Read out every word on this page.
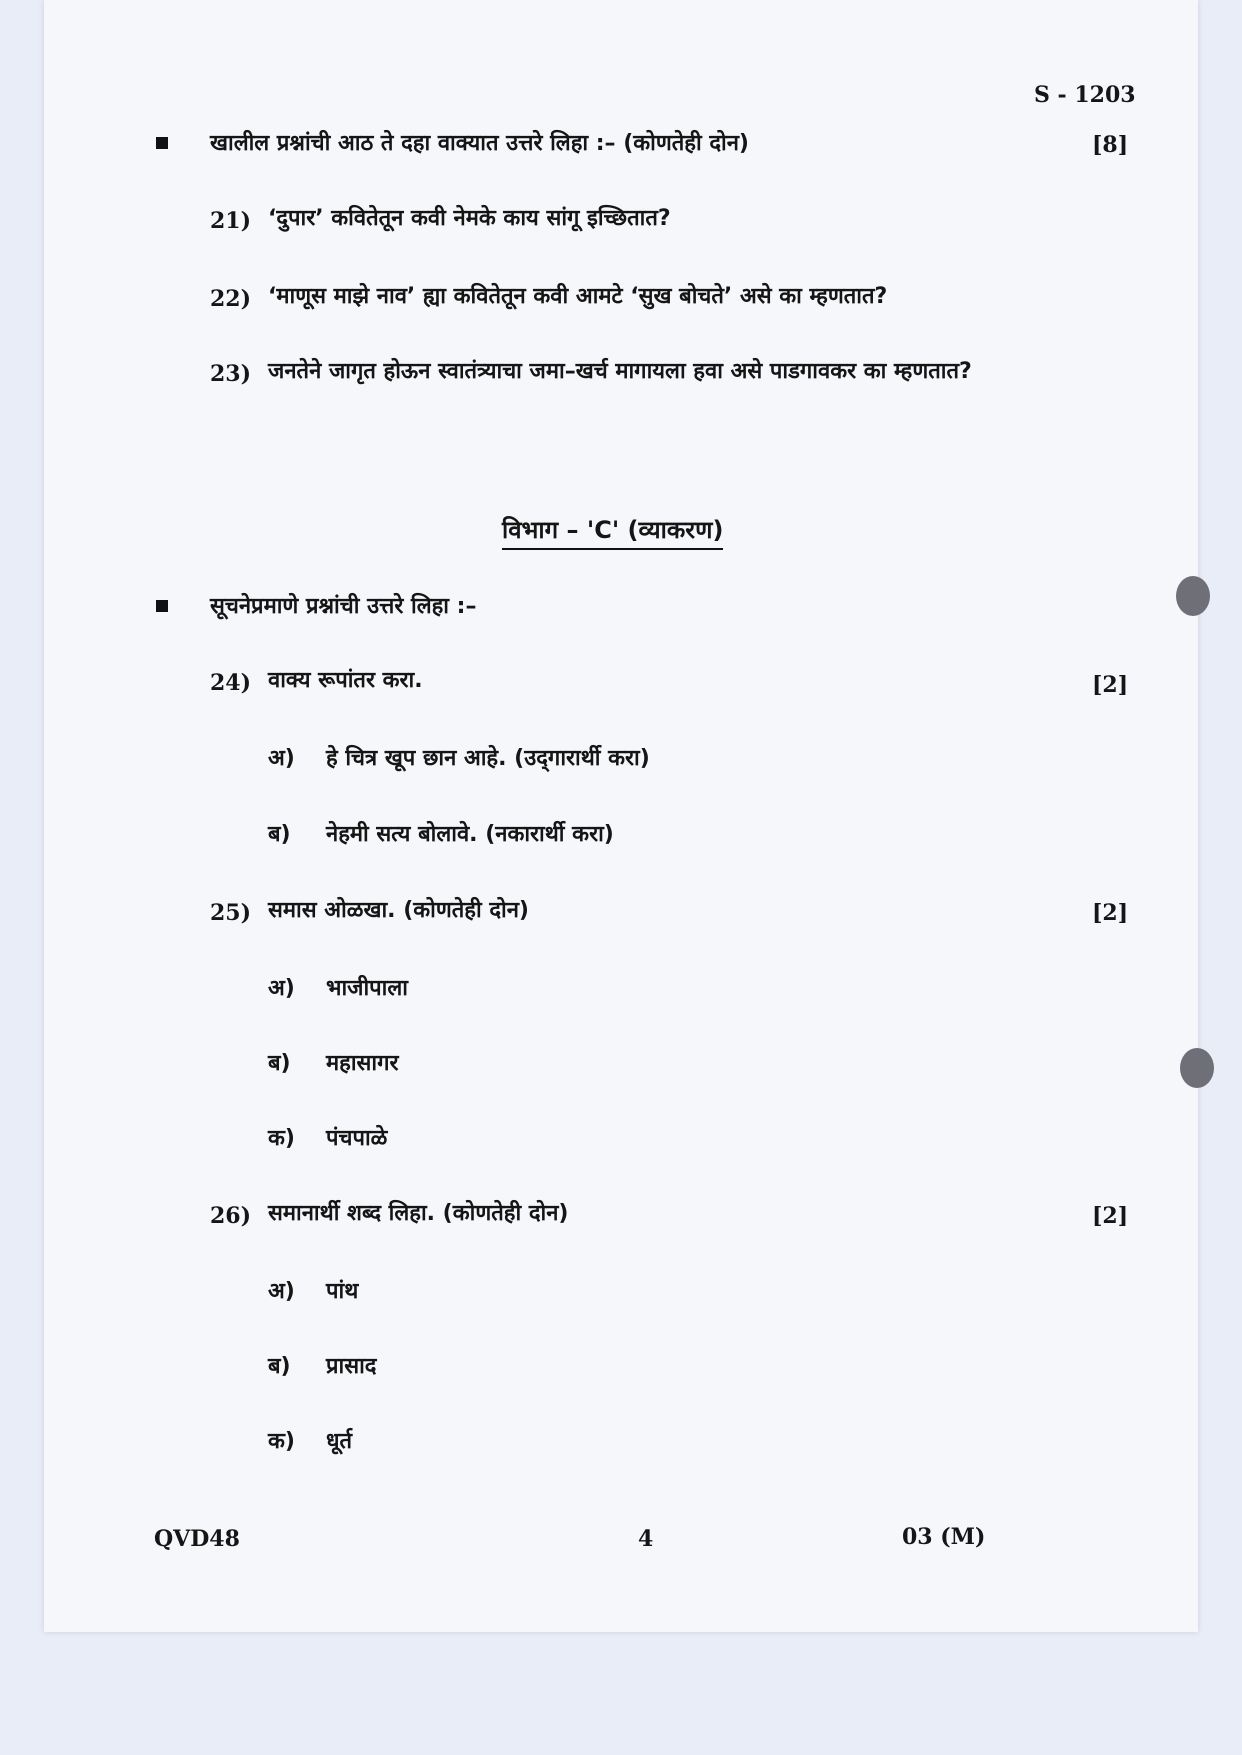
S - 1203
खालील प्रश्नांची आठ ते दहा वाक्यात उत्तरे लिहा :– (कोणतेही दोन)	[8]
21) ‘दुपार’ कवितेतून कवी नेमके काय सांगू इच्छितात?
22) ‘माणूस माझे नाव’ ह्या कवितेतून कवी आमटे ‘सुख बोचते’ असे का म्हणतात?
23) जनतेने जागृत होऊन स्वातंत्र्याचा जमा–खर्च मागायला हवा असे पाडगावकर का म्हणतात?
विभाग – 'C' (व्याकरण)
सूचनेप्रमाणे प्रश्नांची उत्तरे लिहा :–
24) वाक्य रूपांतर करा.	[2]
अ) हे चित्र खूप छान आहे. (उद्‌गारार्थी करा)
ब) नेहमी सत्य बोलावे. (नकारार्थी करा)
25) समास ओळखा. (कोणतेही दोन)	[2]
अ) भाजीपाला
ब) महासागर
क) पंचपाळे
26) समानार्थी शब्द लिहा. (कोणतेही दोन)	[2]
अ) पांथ
ब) प्रासाद
क) धूर्त
QVD48	4	03 (M)
